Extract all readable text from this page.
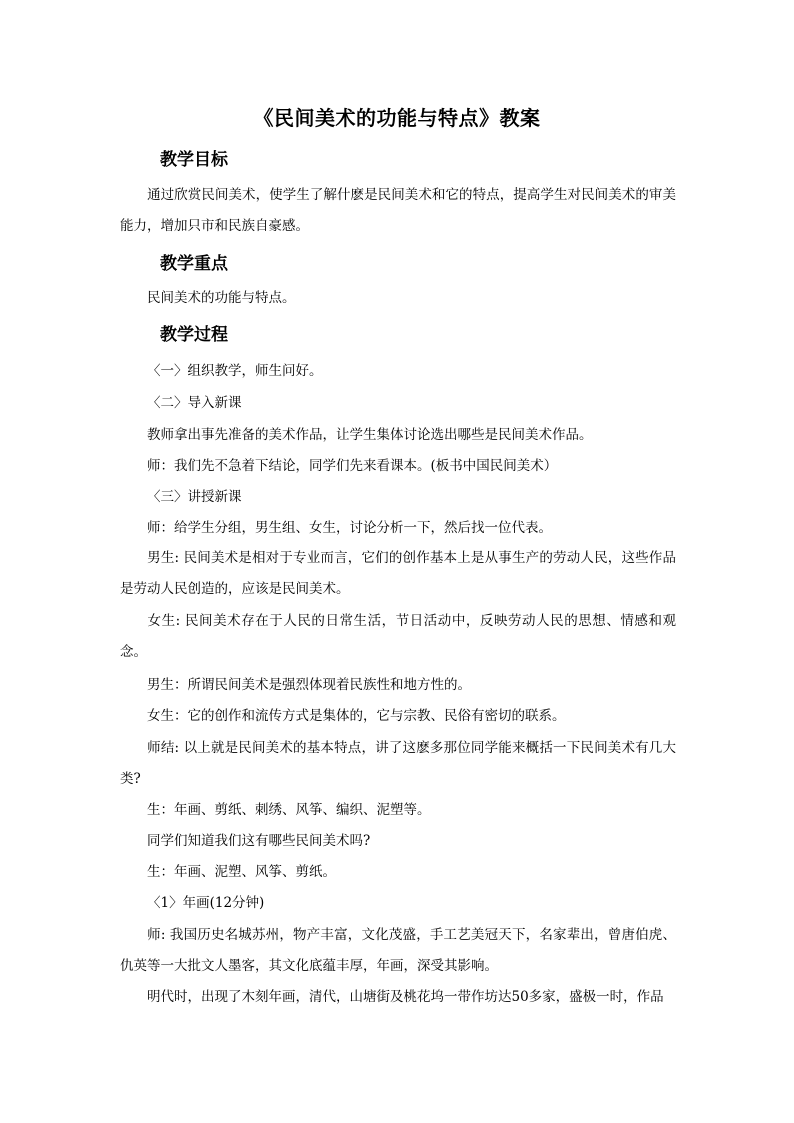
《民间美术的功能与特点》教案
教学目标
通过欣赏民间美术，使学生了解什麽是民间美术和它的特点，提高学生对民间美术的审美能力，增加只市和民族自豪感。
教学重点
民间美术的功能与特点。
教学过程
〈一〉组织教学，师生问好。
〈二〉导入新课
教师拿出事先准备的美术作品，让学生集体讨论选出哪些是民间美术作品。
师：我们先不急着下结论，同学们先来看课本。(板书中国民间美术）
〈三〉讲授新课
师：给学生分组，男生组、女生，讨论分析一下，然后找一位代表。
男生: 民间美术是相对于专业而言，它们的创作基本上是从事生产的劳动人民，这些作品是劳动人民创造的，应该是民间美术。
女生: 民间美术存在于人民的日常生活，节日活动中，反映劳动人民的思想、情感和观念。
男生：所谓民间美术是强烈体现着民族性和地方性的。
女生：它的创作和流传方式是集体的，它与宗教、民俗有密切的联系。
师结: 以上就是民间美术的基本特点，讲了这麽多那位同学能来概括一下民间美术有几大类?
生：年画、剪纸、刺绣、风筝、编织、泥塑等。
同学们知道我们这有哪些民间美术吗?
生：年画、泥塑、风筝、剪纸。
〈1〉年画(12分钟)
师: 我国历史名城苏州，物产丰富，文化茂盛，手工艺美冠天下，名家辈出，曾唐伯虎、仇英等一大批文人墨客，其文化底蕴丰厚，年画，深受其影响。
明代时，出现了木刻年画，清代，山塘街及桃花坞一带作坊达50多家，盛极一时，作品
